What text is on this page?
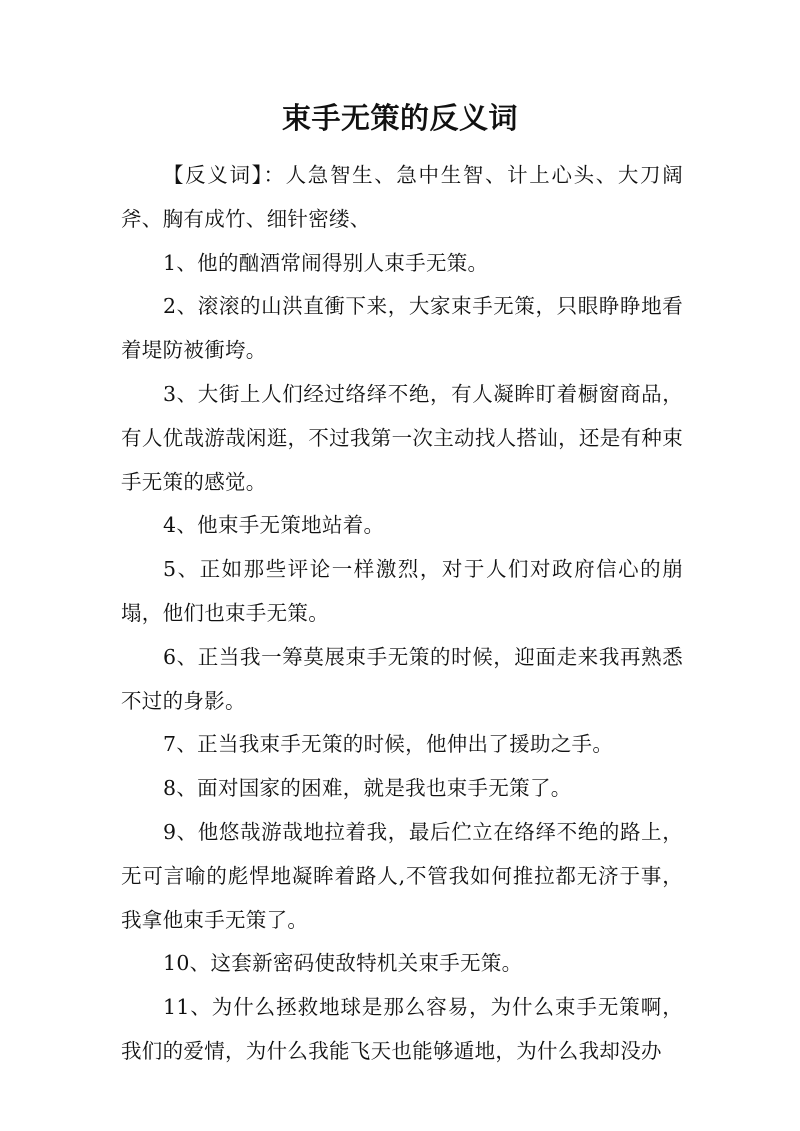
束手无策的反义词

【反义词】：人急智生、急中生智、计上心头、大刀阔斧、胸有成竹、细针密缕、

1、他的酗酒常闹得别人束手无策。

2、滚滚的山洪直衝下来，大家束手无策，只眼睁睁地看着堤防被衝垮。

3、大街上人们经过络绎不绝，有人凝眸盯着橱窗商品，有人优哉游哉闲逛，不过我第一次主动找人搭讪，还是有种束手无策的感觉。

4、他束手无策地站着。

5、正如那些评论一样激烈，对于人们对政府信心的崩塌，他们也束手无策。

6、正当我一筹莫展束手无策的时候，迎面走来我再熟悉不过的身影。

7、正当我束手无策的时候，他伸出了援助之手。

8、面对国家的困难，就是我也束手无策了。

9、他悠哉游哉地拉着我，最后伫立在络绎不绝的路上，无可言喻的彪悍地凝眸着路人,不管我如何推拉都无济于事，我拿他束手无策了。

10、这套新密码使敌特机关束手无策。

11、为什么拯救地球是那么容易，为什么束手无策啊，我们的爱情，为什么我能飞天也能够遁地，为什么我却没办
